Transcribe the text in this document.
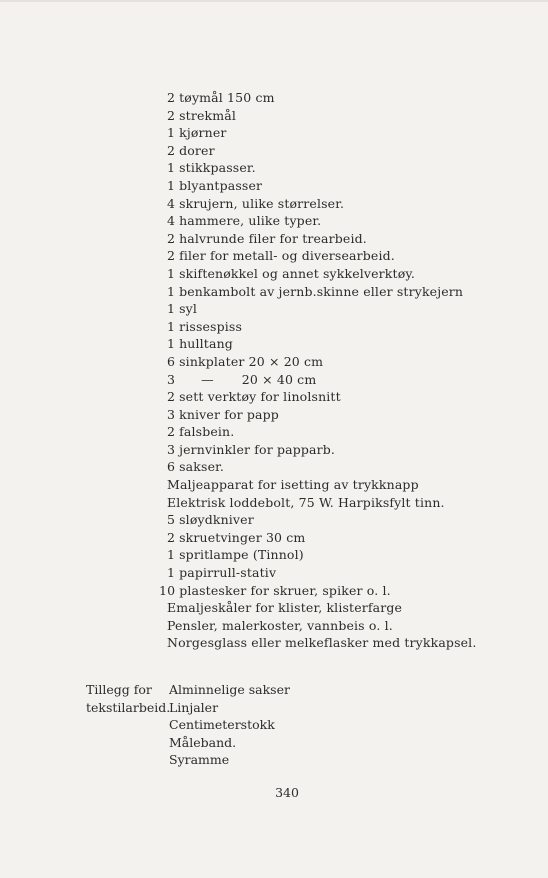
2 tøymål 150 cm
2 strekmål
1 kjørner
2 dorer
1 stikkpasser.
1 blyantpasser
4 skrujern, ulike størrelser.
4 hammere, ulike typer.
2 halvrunde filer for trearbeid.
2 filer for metall- og diversearbeid.
1 skiftenøkkel og annet sykkelverktøy.
1 benkambolt av jernb.skinne eller strykejern
1 syl
1 rissespiss
1 hulltang
6 sinkplater 20 × 20 cm
3 — 20 × 40 cm
2 sett verktøy for linolsnitt
3 kniver for papp
2 falsbein.
3 jernvinkler for papparb.
6 sakser.
Maljeapparat for isetting av trykknapp
Elektrisk loddebolt, 75 W. Harpiksfylt tinn.
5 sløydkniver
2 skruetvinger 30 cm
1 spritlampe (Tinnol)
1 papirrull-stativ
10 plastesker for skruer, spiker o. l.
Emaljeskåler for klister, klisterfarge
Pensler, malerkoster, vannbeis o. l.
Norgesglass eller melkeflasker med trykkapsel.
Tillegg for
tekstilarbeid.
Alminnelige sakser
Linjaler
Centimeterstokk
Måleband.
Syramme
340
